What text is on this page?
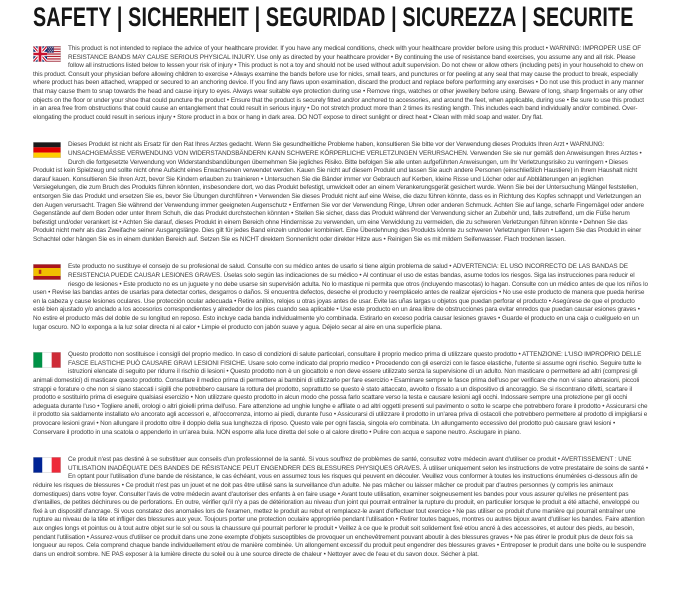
SAFETY | SICHERHEIT | SEGURIDAD | SICUREZZA | SECURITE

This product is not intended to replace the advice of your healthcare provider. If you have any medical conditions, check with your healthcare provider before using this product • WARNING: IMPROPER USE OF RESISTANCE BANDS MAY CAUSE SERIOUS PHYSICAL INJURY. Use only as directed by your healthcare provider • By continuing the use of resistance band exercises, you assume any and all risk. Please follow all instructions listed below to lessen your risk of injury • This product is not a toy and should not be used without adult supervision. Do not chew or allow others (including pets) in your household to chew on this product. Consult your physician before allowing children to exercise • Always examine the bands before use for nicks, small tears, and punctures or for peeling at any seal that may cause the product to break, especially where product has been attached, wrapped or secured to an anchoring device. If you find any flaws upon examination, discard the product and replace before performing any exercises • Do not use this product in any manner that may cause them to snap towards the head and cause injury to eyes. Always wear suitable eye protection during use • Remove rings, watches or other jewellery before using. Beware of long, sharp fingernails or any other objects on the floor or under your shoe that could puncture the product • Ensure that the product is securely fitted and/or anchored to accessories, and around the feet, when applicable, during use • Be sure to use this product in an area free from obstructions that could cause an entanglement that could result in serious injury • Do not stretch product more than 2 times its resting length. This includes each band individually and/or combined. Over-elongating the product could result in serious injury • Store product in a box or hang in dark area. DO NOT expose to direct sunlight or direct heat • Clean with mild soap and water. Dry flat.

Dieses Produkt ist nicht als Ersatz für den Rat Ihres Arztes gedacht. Wenn Sie gesundheitliche Probleme haben, konsultieren Sie bitte vor der Verwendung dieses Produkts Ihren Arzt • WARNUNG: UNSACHGEMÄSSE VERWENDUNG VON WIDERSTANDSBÄNDERN KANN SCHWERE KÖRPERLICHE VERLETZUNGEN VERURSACHEN. Verwenden Sie sie nur gemäß den Anweisungen Ihres Arztes • Durch die fortgesetzte Verwendung von Widerstandsbandübungen übernehmen Sie jegliches Risiko. Bitte befolgen Sie alle unten aufgeführten Anweisungen, um Ihr Verletzungsrisiko zu verringern • Dieses Produkt ist kein Spielzeug und sollte nicht ohne Aufsicht eines Erwachsenen verwendet werden. Kauen Sie nicht auf diesem Produkt und lassen Sie auch andere Personen (einschließlich Haustiere) in Ihrem Haushalt nicht darauf kauen. Konsultieren Sie Ihren Arzt, bevor Sie Kindern erlauben zu trainieren • Untersuchen Sie die Bänder immer vor Gebrauch auf Kerben, kleine Risse und Löcher oder auf Abblätterungen an jeglichen Versiegelungen, die zum Bruch des Produkts führen könnten, insbesondere dort, wo das Produkt befestigt, umwickelt oder an einem Verankerungsgerät gesichert wurde. Wenn Sie bei der Untersuchung Mängel feststellen, entsorgen Sie das Produkt und ersetzen Sie es, bevor Sie Übungen durchführen • Verwenden Sie dieses Produkt nicht auf eine Weise, die dazu führen könnte, dass es in Richtung des Kopfes schnappt und Verletzungen an den Augen verursacht. Tragen Sie während der Verwendung immer geeigneten Augenschutz • Entfernen Sie vor der Verwendung Ringe, Uhren oder anderen Schmuck. Achten Sie auf lange, scharfe Fingernägel oder andere Gegenstände auf dem Boden oder unter Ihrem Schuh, die das Produkt durchstechen könnten • Stellen Sie sicher, dass das Produkt während der Verwendung sicher an Zubehör und, falls zutreffend, um die Füße herum befestigt und/oder verankert ist • Achten Sie darauf, dieses Produkt in einem Bereich ohne Hindernisse zu verwenden, um eine Verwicklung zu vermeiden, die zu schweren Verletzungen führen könnte • Dehnen Sie das Produkt nicht mehr als das Zweifache seiner Ausgangslänge. Dies gilt für jedes Band einzeln und/oder kombiniert. Eine Überdehnung des Produkts könnte zu schweren Verletzungen führen • Lagern Sie das Produkt in einer Schachtel oder hängen Sie es in einem dunklen Bereich auf. Setzen Sie es NICHT direktem Sonnenlicht oder direkter Hitze aus • Reinigen Sie es mit mildem Seifenwasser. Flach trocknen lassen.

Este producto no sustituye el consejo de su profesional de salud. Consulte con su médico antes de usarlo si tiene algún problema de salud • ADVERTENCIA: EL USO INCORRECTO DE LAS BANDAS DE RESISTENCIA PUEDE CAUSAR LESIONES GRAVES. Úselas solo según las indicaciones de su médico • Al continuar el uso de estas bandas, asume todos los riesgos. Siga las instrucciones para reducir el riesgo de lesiones • Este producto no es un juguete y no debe usarse sin supervisión adulta. No lo mastique ni permita que otros (incluyendo mascotas) lo hagan. Consulte con un médico antes de que los niños lo usen • Revise las bandas antes de usarlas para detectar cortes, desgarros o daños. Si encuentra defectos, deseche el producto y reemplácelo antes de realizar ejercicios • No use este producto de manera que pueda herirse en la cabeza y cause lesiones oculares. Use protección ocular adecuada • Retire anillos, relojes u otras joyas antes de usar. Evite las uñas largas u objetos que puedan perforar el producto • Asegúrese de que el producto esté bien ajustado y/o anclado a los accesorios correspondientes y alrededor de los pies cuando sea aplicable • Use este producto en un área libre de obstrucciones para evitar enredos que puedan causar esiones graves • No estire el producto más del doble de su longitud en reposo. Esto incluye cada banda individualmente y/o combinada. Estirarlo en exceso podría causar lesiones graves • Guarde el producto en una caja o cuélguelo en un lugar oscuro. NO lo exponga a la luz solar directa ni al calor • Limpie el producto con jabón suave y agua. Déjelo secar al aire en una superficie plana.

Questo prodotto non sostituisce i consigli del proprio medico. In caso di condizioni di salute particolari, consultare il proprio medico prima di utilizzare questo prodotto • ATTENZIONE: L'USO IMPROPRIO DELLE FASCE ELASTICHE PUÒ CAUSARE GRAVI LESIONI FISICHE. Usare solo come indicato dal proprio medico • Procedendo con gli esercizi con le fasce elastiche, l'utente si assume ogni rischio. Seguire tutte le istruzioni elencate di seguito per ridurre il rischio di lesioni • Questo prodotto non è un giocattolo e non deve essere utilizzato senza la supervisione di un adulto. Non masticare o permettere ad altri (compresi gli animali domestici) di masticare questo prodotto. Consultare il medico prima di permettere ai bambini di utilizzarlo per fare esercizio • Esaminare sempre le fasce prima dell'uso per verificare che non vi siano abrasioni, piccoli strappi e forature o che non si siano staccati i sigilli che potrebbero causare la rottura del prodotto, soprattutto se questo è stato attaccato, avvolto o fissato a un dispositivo di ancoraggio. Se si riscontrano difetti, scartare il prodotto e sostituirlo prima di eseguire qualsiasi esercizio • Non utilizzare questo prodotto in alcun modo che possa farlo scattare verso la testa e causare lesioni agli occhi. Indossare sempre una protezione per gli occhi adeguata durante l'uso • Togliere anelli, orologi o altri gioielli prima dell'uso. Fare attenzione ad unghie lunghe e affilate o ad altri oggetti presenti sul pavimento o sotto le scarpe che potrebbero forare il prodotto • Assicurarsi che il prodotto sia saldamente installato e/o ancorato agli accessori e, all'occorrenza, intorno ai piedi, durante l'uso • Assicurarsi di utilizzare il prodotto in un'area priva di ostacoli che potrebbero permettere al prodotto di impigliarsi e provocare lesioni gravi • Non allungare il prodotto oltre il doppio della sua lunghezza di riposo. Questo vale per ogni fascia, singola e/o combinata. Un allungamento eccessivo del prodotto può causare gravi lesioni • Conservare il prodotto in una scatola o appenderlo in un'area buia. NON esporre alla luce diretta del sole o al calore diretto • Pulire con acqua e sapone neutro. Asciugare in piano.

Ce produit n'est pas destiné à se substituer aux conseils d'un professionnel de la santé. Si vous souffrez de problèmes de santé, consultez votre médecin avant d'utiliser ce produit • AVERTISSEMENT : UNE UTILISATION INADÉQUATE DES BANDES DE RÉSISTANCE PEUT ENGENDRER DES BLESSURES PHYSIQUES GRAVES. À utiliser uniquement selon les instructions de votre prestataire de soins de santé • En optant pour l'utilisation d'une bande de résistance, le cas échéant, vous en assumez tous les risques qui peuvent en découler. Veuillez vous conformer à toutes les instructions énumérées ci-dessous afin de réduire les risques de blessures • Ce produit n'est pas un jouet et ne doit pas être utilisé sans la surveillance d'un adulte. Ne pas mâcher ou laisser mâcher ce produit par d'autres personnes (y compris les animaux domestiques) dans votre foyer. Consulter l'avis de votre médecin avant d'autoriser des enfants à en faire usage • Avant toute utilisation, examiner soigneusement les bandes pour vous assurer qu'elles ne présentent pas d'entailles, de petites déchirures ou de perforations. En outre, vérifier qu'il n'y a pas de détérioration au niveau d'un joint qui pourrait entraîner la rupture du produit, en particulier lorsque le produit a été attaché, enveloppé ou fixé à un dispositif d'ancrage. Si vous constatez des anomalies lors de l'examen, mettez le produit au rebut et remplacez-le avant d'effectuer tout exercice • Ne pas utiliser ce produit d'une manière qui pourrait entraîner une rupture au niveau de la tête et infliger des blessures aux yeux. Toujours porter une protection oculaire appropriée pendant l'utilisation • Retirer toutes bagues, montres ou autres bijoux avant d'utiliser les bandes. Faire attention aux ongles longs et pointus ou à tout autre objet sur le sol ou sous la chaussure qui pourrait perforer le produit • Veillez à ce que le produit soit solidement fixé et/ou ancré à des accessoires, et autour des pieds, au besoin, pendant l'utilisation • Assurez-vous d'utiliser ce produit dans une zone exempte d'objets susceptibles de provoquer un enchevêtrement pouvant aboutir à des blessures graves • Ne pas étirer le produit plus de deux fois sa longueur au repos. Cela comprend chaque bande individuellement et/ou de manière combinée. Un allongement excessif du produit peut engendrer des blessures graves • Entreposer le produit dans une boîte ou le suspendre dans un endroit sombre. NE PAS exposer à la lumière directe du soleil ou à une source directe de chaleur • Nettoyer avec de l'eau et du savon doux. Sécher à plat.
